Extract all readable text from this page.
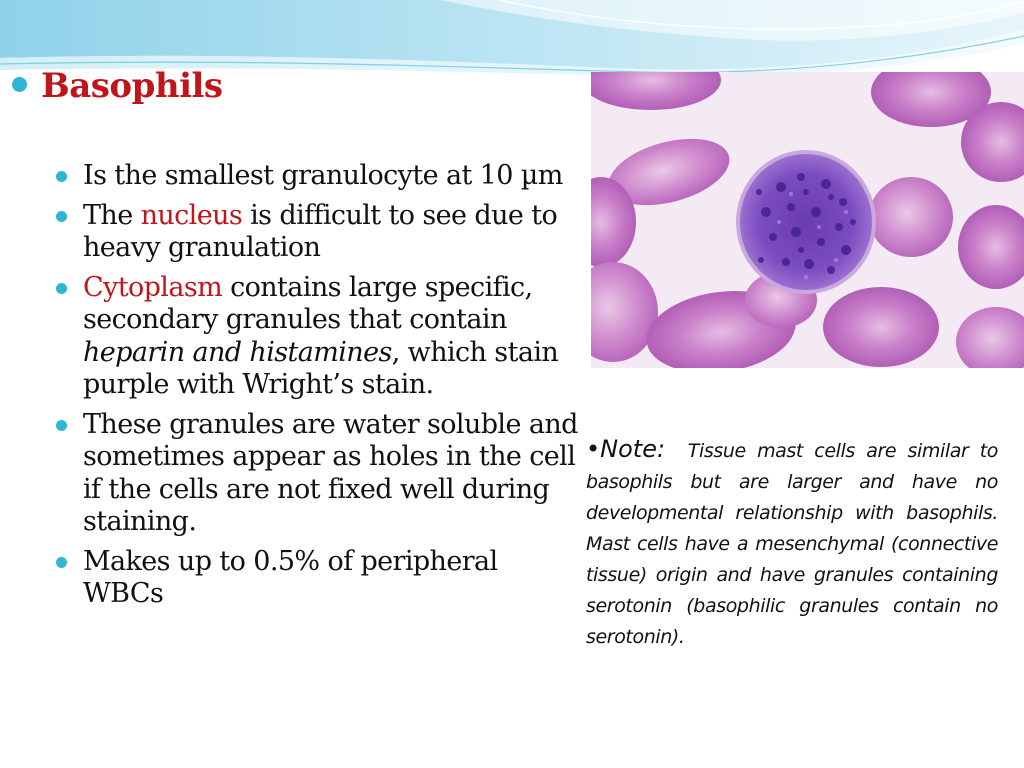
Basophils
Is the smallest granulocyte at 10 µm
The nucleus is difficult to see due to heavy granulation
Cytoplasm contains large specific, secondary granules that contain heparin and histamines, which stain purple with Wright’s stain.
These granules are water soluble and sometimes appear as holes in the cell if the cells are not fixed well during staining.
Makes up to 0.5% of peripheral WBCs
•Note: Tissue mast cells are similar to basophils but are larger and have no developmental relationship with basophils. Mast cells have a mesenchymal (connective tissue) origin and have granules containing serotonin (basophilic granules contain no serotonin).
